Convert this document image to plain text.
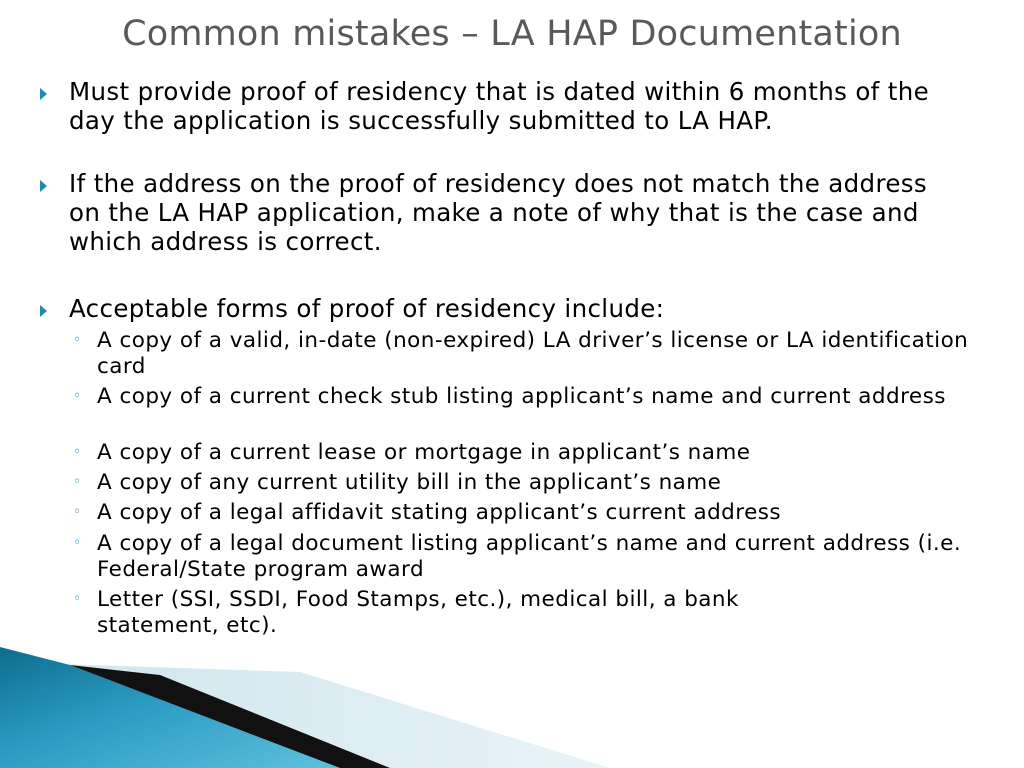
Common mistakes – LA HAP Documentation
Must provide proof of residency that is dated within 6 months of the day the application is successfully submitted to LA HAP.
If the address on the proof of residency does not match the address on the LA HAP application, make a note of why that is the case and which address is correct.
Acceptable forms of proof of residency include:
◦ A copy of a valid, in-date (non-expired) LA driver’s license or LA identification card
◦ A copy of a current check stub listing applicant’s name and current address
◦ A copy of a current lease or mortgage in applicant’s name
◦ A copy of any current utility bill in the applicant’s name
◦ A copy of a legal affidavit stating applicant’s current address
◦ A copy of a legal document listing applicant’s name and current address (i.e. Federal/State program award
◦ Letter (SSI, SSDI, Food Stamps, etc.), medical bill, a bank statement, etc).
